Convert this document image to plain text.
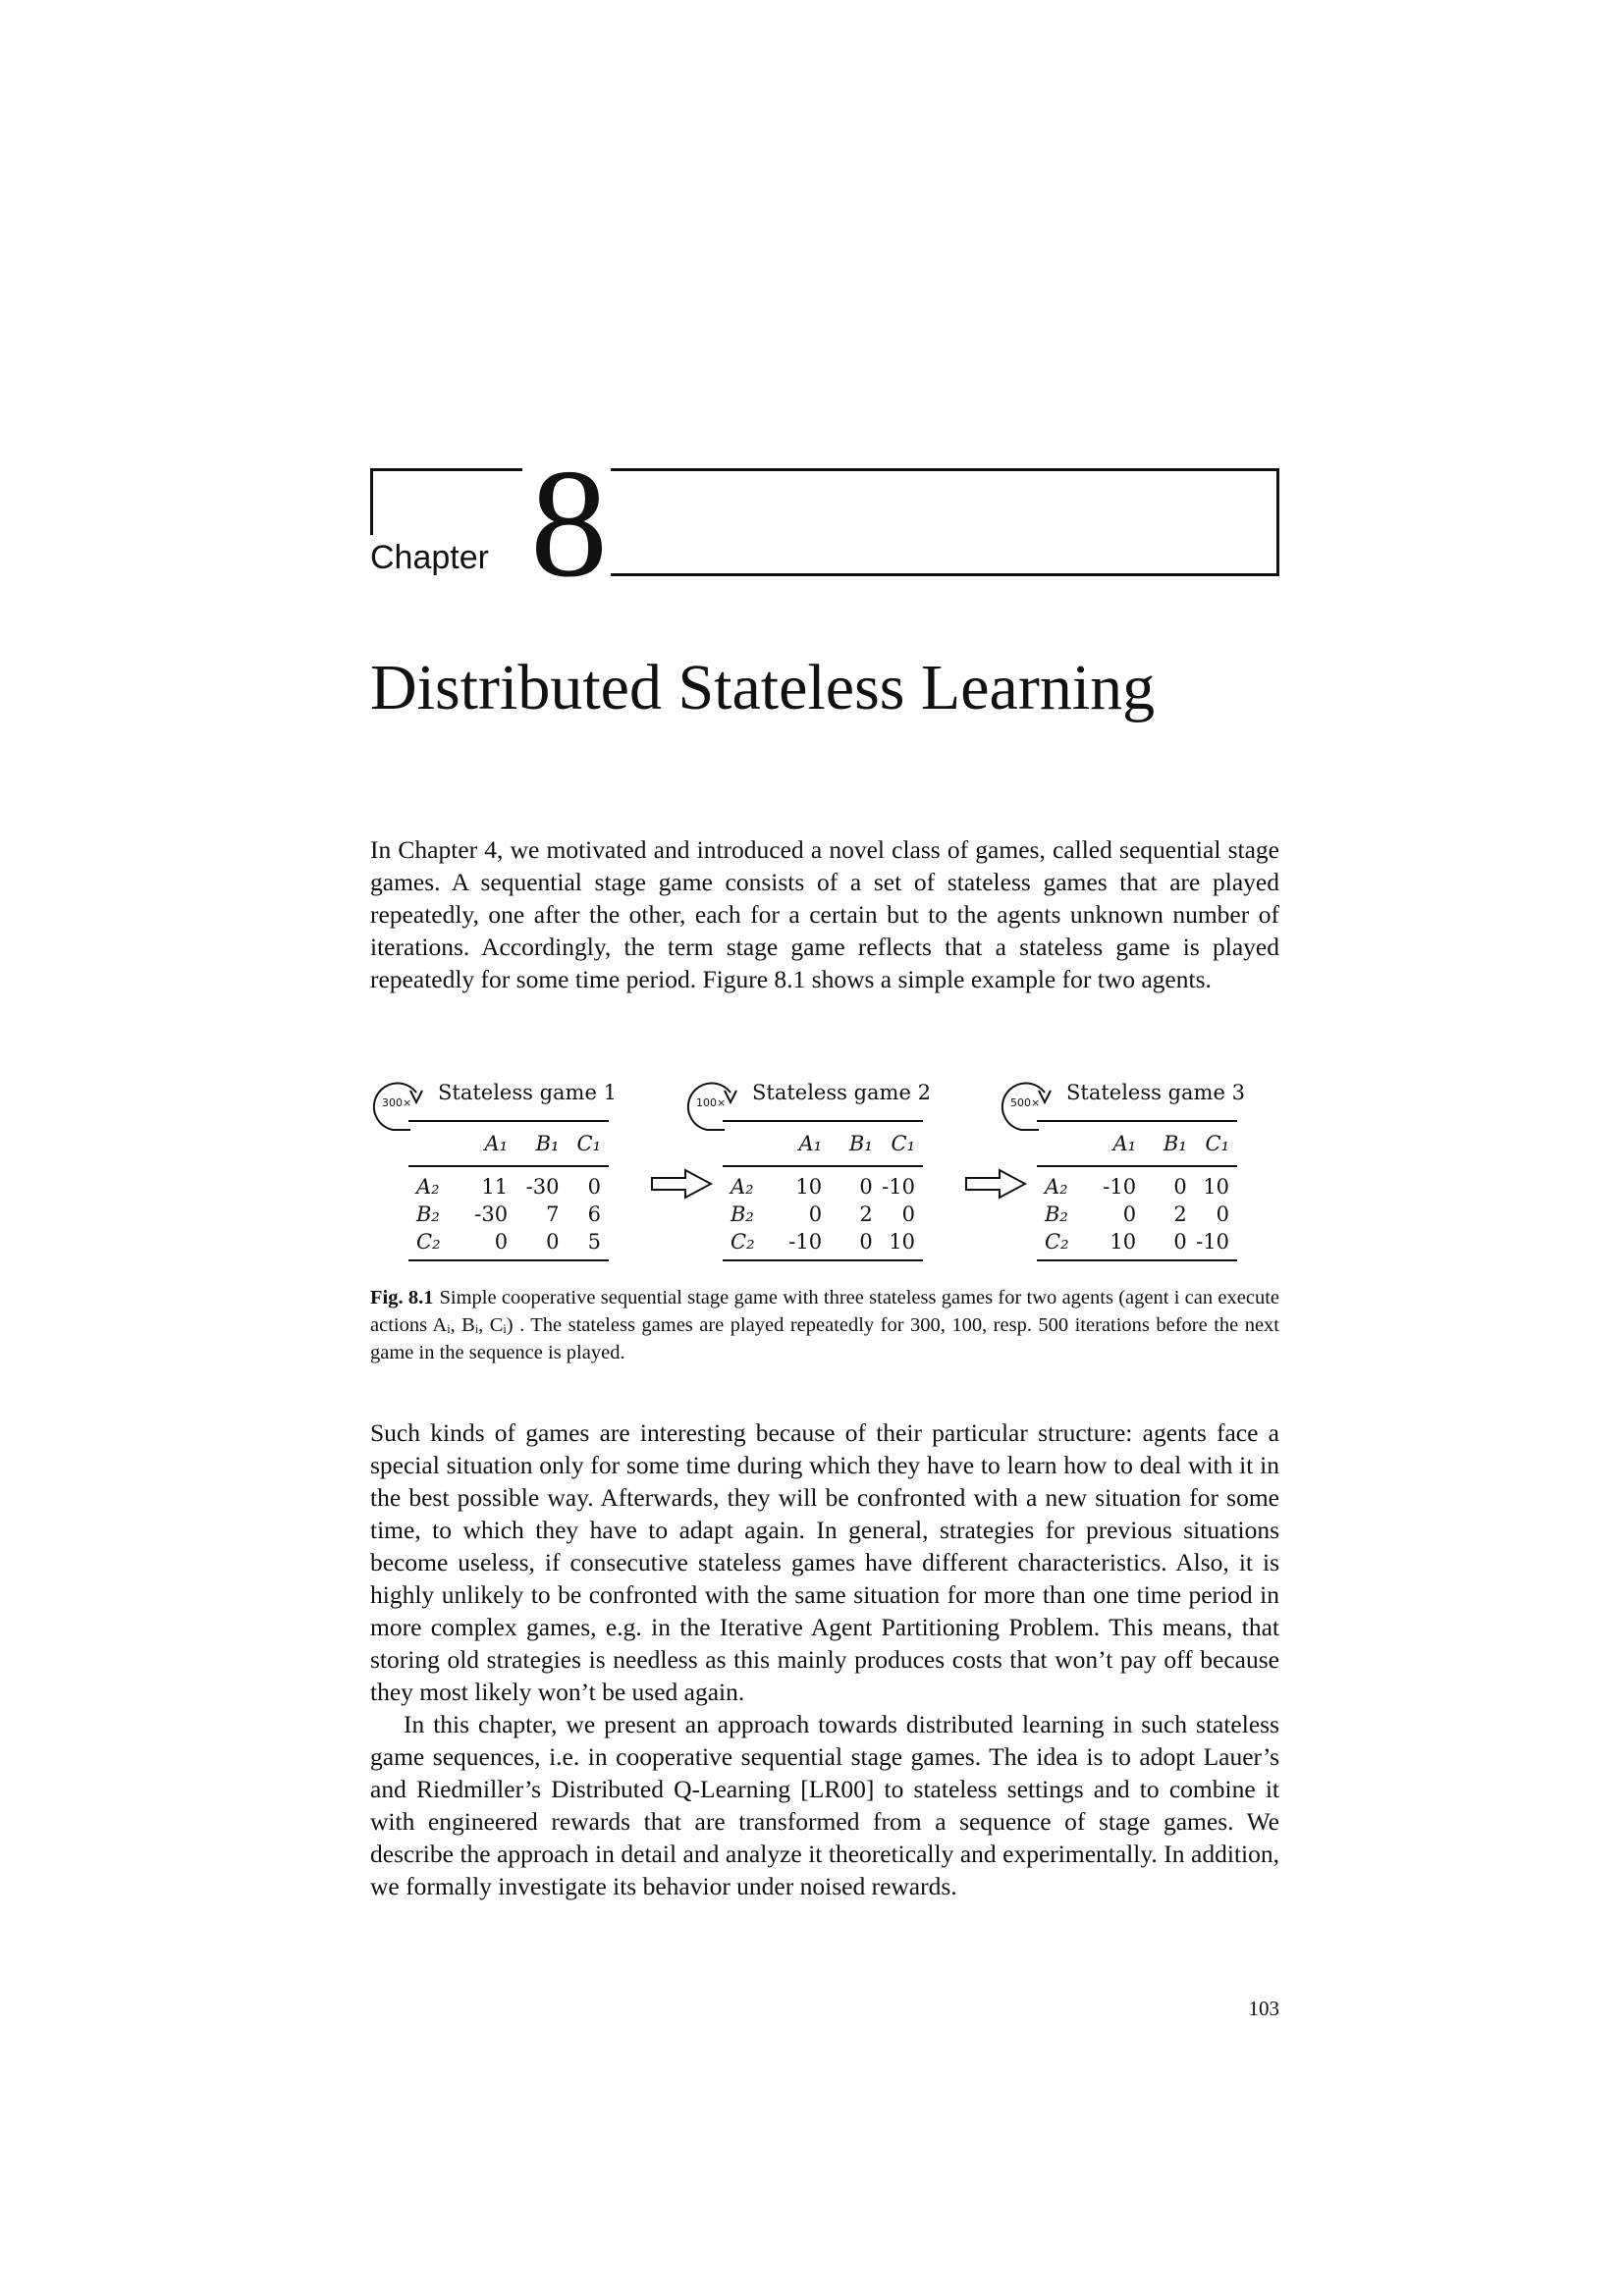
Chapter 8
Distributed Stateless Learning

In Chapter 4, we motivated and introduced a novel class of games, called sequential stage games. A sequential stage game consists of a set of stateless games that are played repeatedly, one after the other, each for a certain but to the agents unknown number of iterations. Accordingly, the term stage game reflects that a stateless game is played repeatedly for some time period. Figure 8.1 shows a simple example for two agents.

300× Stateless game 1
	A₁	B₁	C₁
A₂	11	-30	0
B₂	-30	7	6
C₂	0	0	5
100× Stateless game 2
	A₁	B₁	C₁
A₂	10	0	-10
B₂	0	2	0
C₂	-10	0	10
500× Stateless game 3
	A₁	B₁	C₁
A₂	-10	0	10
B₂	0	2	0
C₂	10	0	-10

Fig. 8.1 Simple cooperative sequential stage game with three stateless games for two agents (agent i can execute actions Aᵢ, Bᵢ, Cᵢ) . The stateless games are played repeatedly for 300, 100, resp. 500 iterations before the next game in the sequence is played.

Such kinds of games are interesting because of their particular structure: agents face a special situation only for some time during which they have to learn how to deal with it in the best possible way. Afterwards, they will be confronted with a new situation for some time, to which they have to adapt again. In general, strategies for previous situations become useless, if consecutive stateless games have different characteristics. Also, it is highly unlikely to be confronted with the same situation for more than one time period in more complex games, e.g. in the Iterative Agent Partitioning Problem. This means, that storing old strategies is needless as this mainly produces costs that won’t pay off because they most likely won’t be used again.

In this chapter, we present an approach towards distributed learning in such stateless game sequences, i.e. in cooperative sequential stage games. The idea is to adopt Lauer’s and Riedmiller’s Distributed Q-Learning [LR00] to stateless settings and to combine it with engineered rewards that are transformed from a sequence of stage games. We describe the approach in detail and analyze it theoretically and experimentally. In addition, we formally investigate its behavior under noised rewards.

103
